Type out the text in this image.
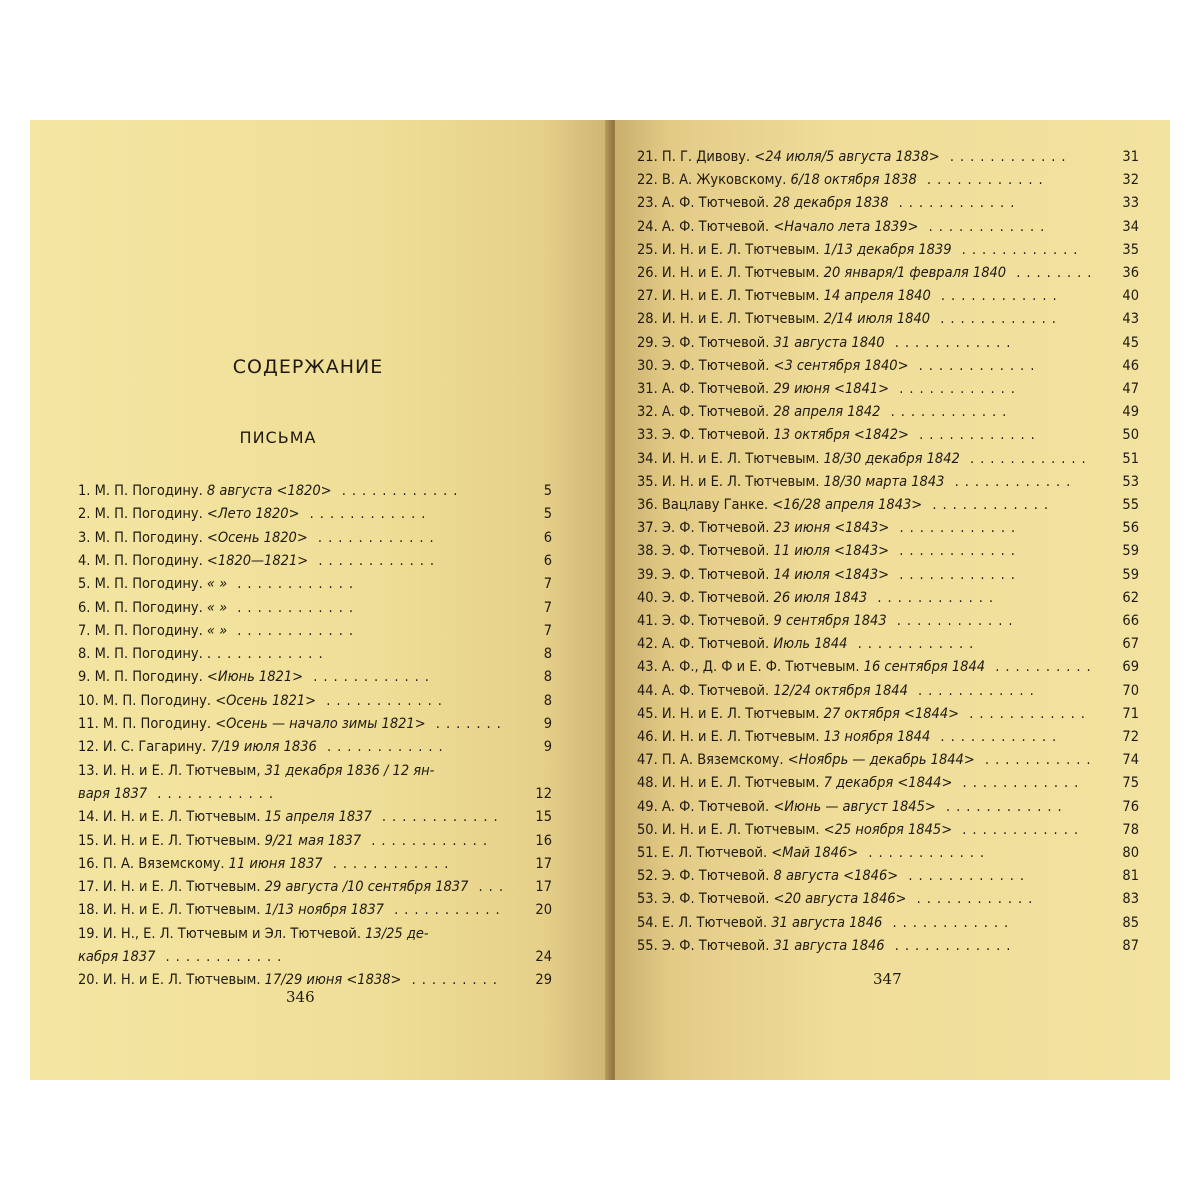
СОДЕРЖАНИЕ
ПИСЬМА
1. М. П. Погодину. 8 августа <1820> ............	5
2. М. П. Погодину. <Лето 1820> ............	5
3. М. П. Погодину. <Осень 1820> ............	6
4. М. П. Погодину. <1820—1821> ............	6
5. М. П. Погодину. « » ............	7
6. М. П. Погодину. « » ............	7
7. М. П. Погодину. « » ............	7
8. М. П. Погодину. ............	8
9. М. П. Погодину. <Июнь 1821> ............	8
10. М. П. Погодину. <Осень 1821> ............	8
11. М. П. Погодину. <Осень — начало зимы 1821> .......	9
12. И. С. Гагарину. 7/19 июля 1836 ............	9
13. И. Н. и Е. Л. Тютчевым, 31 декабря 1836 / 12 ян-
варя 1837 ............	12
14. И. Н. и Е. Л. Тютчевым. 15 апреля 1837 ............ 15
15. И. Н. и Е. Л. Тютчевым. 9/21 мая 1837 ............	16
16. П. А. Вяземскому. 11 июня 1837 ............	17
17. И. Н. и Е. Л. Тютчевым. 29 августа /10 сентября 1837 ... 17
18. И. Н. и Е. Л. Тютчевым. 1/13 ноября 1837 ........... 20
19. И. Н., Е. Л. Тютчевым и Эл. Тютчевой. 13/25 де-
кабря 1837 ............	24
20. И. Н. и Е. Л. Тютчевым. 17/29 июня <1838> ......... 29
346
21. П. Г. Дивову. <24 июля/5 августа 1838> ............	31
22. В. А. Жуковскому. 6/18 октября 1838 ............	32
23. А. Ф. Тютчевой. 28 декабря 1838 ............	33
24. А. Ф. Тютчевой. <Начало лета 1839> ............	34
25. И. Н. и Е. Л. Тютчевым. 1/13 декабря 1839 ............	35
26. И. Н. и Е. Л. Тютчевым. 20 января/1 февраля 1840 ........ 36
27. И. Н. и Е. Л. Тютчевым. 14 апреля 1840 ............	40
28. И. Н. и Е. Л. Тютчевым. 2/14 июля 1840 ............	43
29. Э. Ф. Тютчевой. 31 августа 1840 ............	45
30. Э. Ф. Тютчевой. <3 сентября 1840> ............	46
31. А. Ф. Тютчевой. 29 июня <1841> ............	47
32. А. Ф. Тютчевой. 28 апреля 1842 ............	49
33. Э. Ф. Тютчевой. 13 октября <1842> ............	50
34. И. Н. и Е. Л. Тютчевым. 18/30 декабря 1842 ............ 51
35. И. Н. и Е. Л. Тютчевым. 18/30 марта 1843 ............	53
36. Вацлаву Ганке. <16/28 апреля 1843> ............	55
37. Э. Ф. Тютчевой. 23 июня <1843> ............	56
38. Э. Ф. Тютчевой. 11 июля <1843> ............	59
39. Э. Ф. Тютчевой. 14 июля <1843> ............	59
40. Э. Ф. Тютчевой. 26 июля 1843 ............	62
41. Э. Ф. Тютчевой. 9 сентября 1843 ............	66
42. А. Ф. Тютчевой. Июль 1844 ............	67
43. А. Ф., Д. Ф и Е. Ф. Тютчевым. 16 сентября 1844 .......... 69
44. А. Ф. Тютчевой. 12/24 октября 1844 ............	70
45. И. Н. и Е. Л. Тютчевым. 27 октября <1844> ............ 71
46. И. Н. и Е. Л. Тютчевым. 13 ноября 1844 ............	72
47. П. А. Вяземскому. <Ноябрь — декабрь 1844> ........... 74
48. И. Н. и Е. Л. Тютчевым. 7 декабря <1844> ............	75
49. А. Ф. Тютчевой. <Июнь — август 1845> ............	76
50. И. Н. и Е. Л. Тютчевым. <25 ноября 1845> ............	78
51. Е. Л. Тютчевой. <Май 1846> ............	80
52. Э. Ф. Тютчевой. 8 августа <1846> ............	81
53. Э. Ф. Тютчевой. <20 августа 1846> ............	83
54. Е. Л. Тютчевой. 31 августа 1846 ............	85
55. Э. Ф. Тютчевой. 31 августа 1846 ............	87
347
